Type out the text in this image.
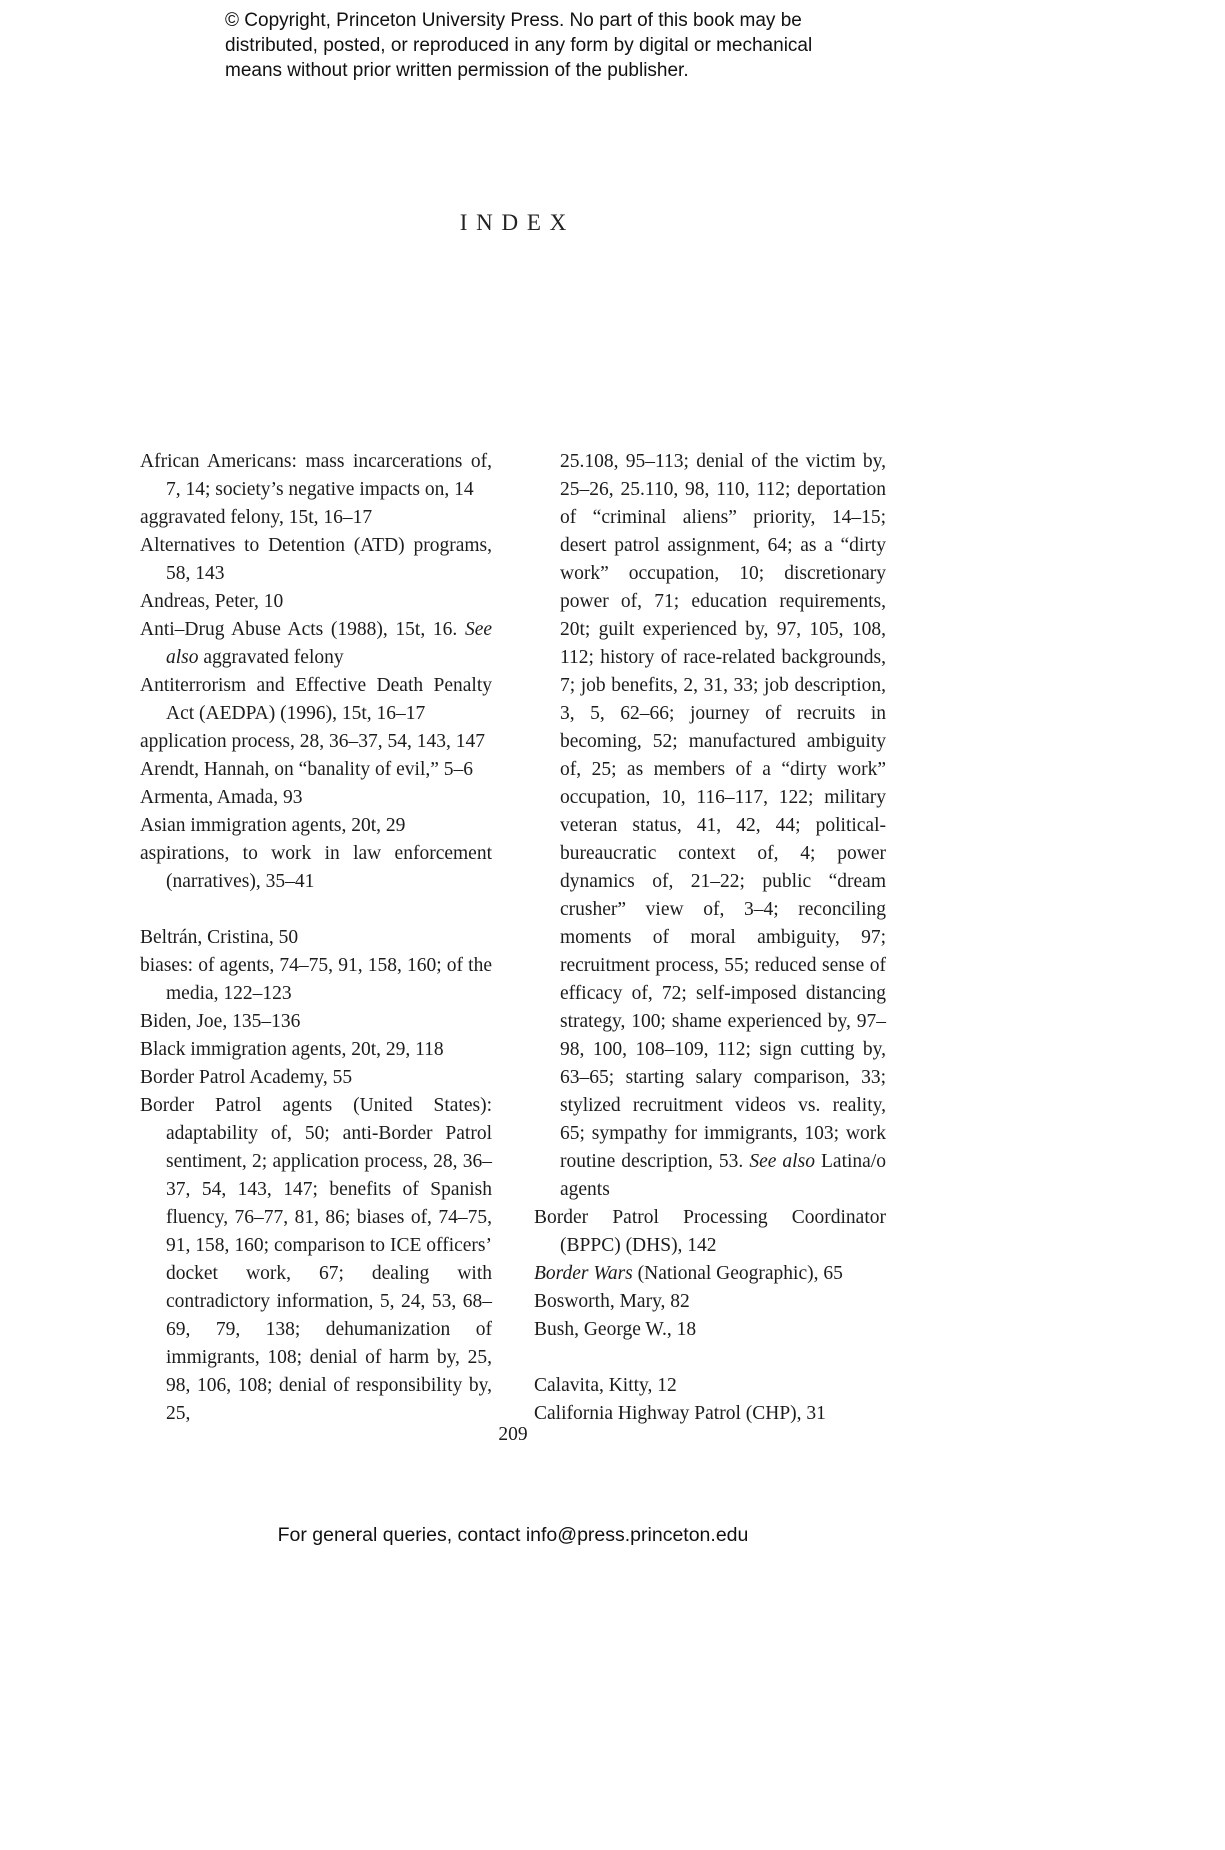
© Copyright, Princeton University Press. No part of this book may be distributed, posted, or reproduced in any form by digital or mechanical means without prior written permission of the publisher.

INDEX
African Americans: mass incarcerations of, 7, 14; society’s negative impacts on, 14
aggravated felony, 15t, 16–17
Alternatives to Detention (ATD) programs, 58, 143
Andreas, Peter, 10
Anti–Drug Abuse Acts (1988), 15t, 16. See also aggravated felony
Antiterrorism and Effective Death Penalty Act (AEDPA) (1996), 15t, 16–17
application process, 28, 36–37, 54, 143, 147
Arendt, Hannah, on “banality of evil,” 5–6
Armenta, Amada, 93
Asian immigration agents, 20t, 29
aspirations, to work in law enforcement (narratives), 35–41
Beltrán, Cristina, 50
biases: of agents, 74–75, 91, 158, 160; of the media, 122–123
Biden, Joe, 135–136
Black immigration agents, 20t, 29, 118
Border Patrol Academy, 55
Border Patrol agents (United States): adaptability of, 50; anti-Border Patrol sentiment, 2; application process, 28, 36–37, 54, 143, 147; benefits of Spanish fluency, 76–77, 81, 86; biases of, 74–75, 91, 158, 160; comparison to ICE officers’ docket work, 67; dealing with contradictory information, 5, 24, 53, 68–69, 79, 138; dehumanization of immigrants, 108; denial of harm by, 25, 98, 106, 108; denial of responsibility by, 25,
25.108, 95–113; denial of the victim by, 25–26, 25.110, 98, 110, 112; deportation of “criminal aliens” priority, 14–15; desert patrol assignment, 64; as a “dirty work” occupation, 10; discretionary power of, 71; education requirements, 20t; guilt experienced by, 97, 105, 108, 112; history of race-related backgrounds, 7; job benefits, 2, 31, 33; job description, 3, 5, 62–66; journey of recruits in becoming, 52; manufactured ambiguity of, 25; as members of a “dirty work” occupation, 10, 116–117, 122; military veteran status, 41, 42, 44; political-bureaucratic context of, 4; power dynamics of, 21–22; public “dream crusher” view of, 3–4; reconciling moments of moral ambiguity, 97; recruitment process, 55; reduced sense of efficacy of, 72; self-imposed distancing strategy, 100; shame experienced by, 97–98, 100, 108–109, 112; sign cutting by, 63–65; starting salary comparison, 33; stylized recruitment videos vs. reality, 65; sympathy for immigrants, 103; work routine description, 53. See also Latina/o agents
Border Patrol Processing Coordinator (BPPC) (DHS), 142
Border Wars (National Geographic), 65
Bosworth, Mary, 82
Bush, George W., 18
Calavita, Kitty, 12
California Highway Patrol (CHP), 31
209
For general queries, contact info@press.princeton.edu
